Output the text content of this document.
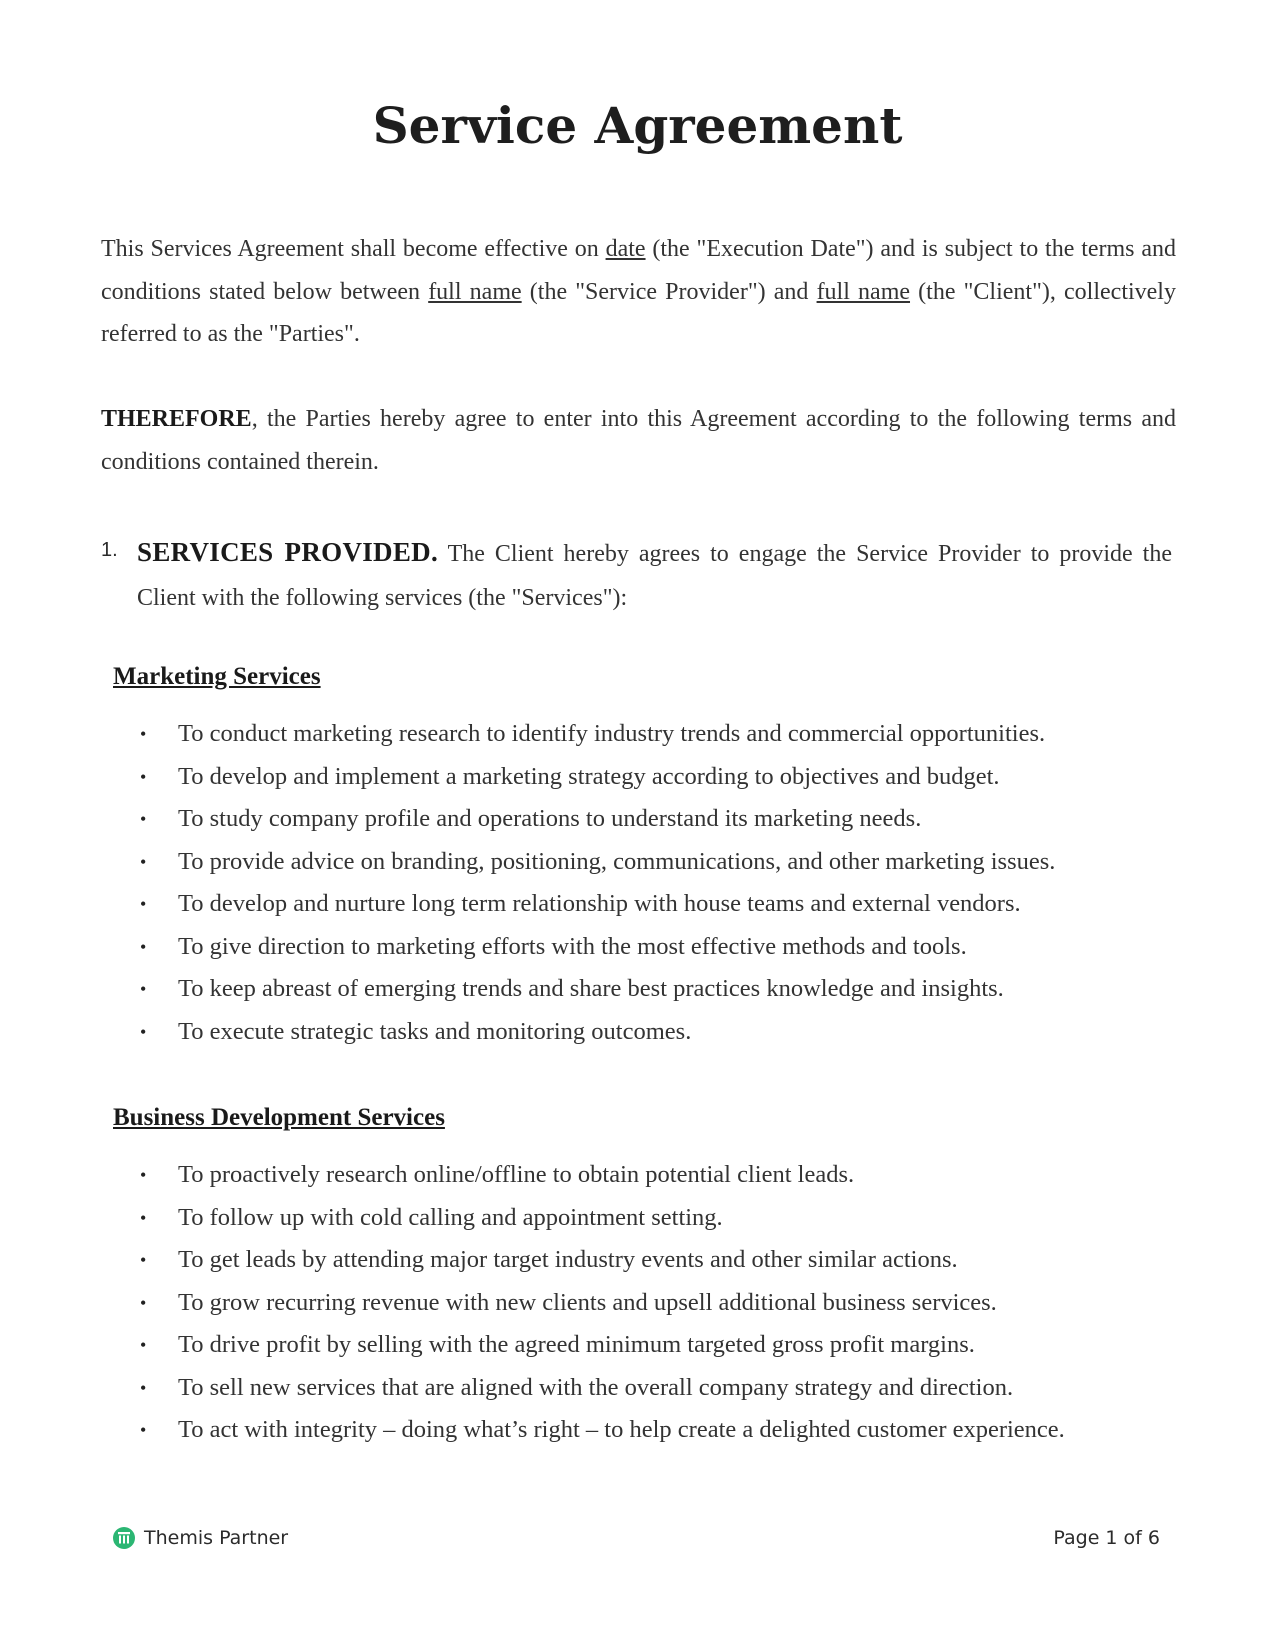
Service Agreement

This Services Agreement shall become effective on date (the "Execution Date") and is subject to the terms and conditions stated below between full name (the "Service Provider") and full name (the "Client"), collectively referred to as the "Parties".

THEREFORE, the Parties hereby agree to enter into this Agreement according to the following terms and conditions contained therein.

1. SERVICES PROVIDED. The Client hereby agrees to engage the Service Provider to provide the Client with the following services (the "Services"):

Marketing Services
•	To conduct marketing research to identify industry trends and commercial opportunities.
•	To develop and implement a marketing strategy according to objectives and budget.
•	To study company profile and operations to understand its marketing needs.
•	To provide advice on branding, positioning, communications, and other marketing issues.
•	To develop and nurture long term relationship with house teams and external vendors.
•	To give direction to marketing efforts with the most effective methods and tools.
•	To keep abreast of emerging trends and share best practices knowledge and insights.
•	To execute strategic tasks and monitoring outcomes.
Business Development Services
•	To proactively research online/offline to obtain potential client leads.
•	To follow up with cold calling and appointment setting.
•	To get leads by attending major target industry events and other similar actions.
•	To grow recurring revenue with new clients and upsell additional business services.
•	To drive profit by selling with the agreed minimum targeted gross profit margins.
•	To sell new services that are aligned with the overall company strategy and direction.
•	To act with integrity – doing what’s right – to help create a delighted customer experience.
Themis Partner	Page 1 of 6
